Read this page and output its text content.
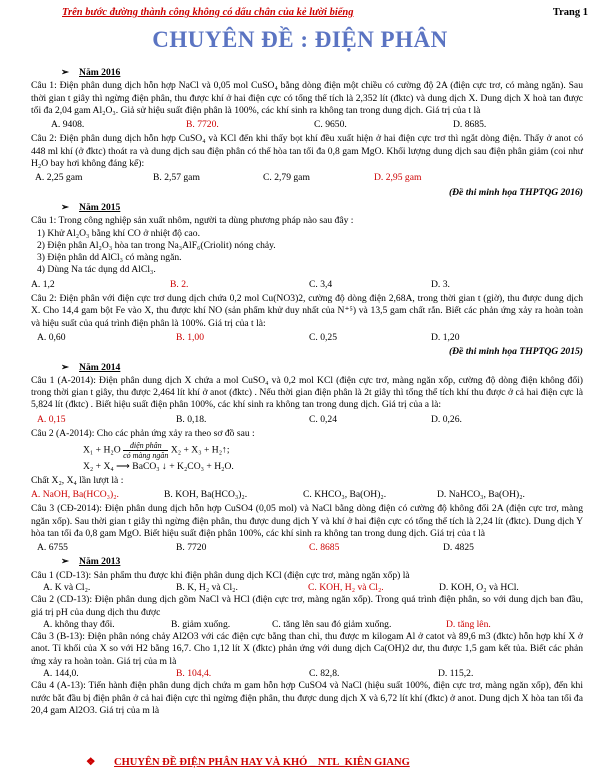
Trên bước đường thành công không có dấu chân của kẻ lười biếng	Trang 1
CHUYÊN ĐỀ : ĐIỆN PHÂN
➢ Năm 2016

Câu 1: Điện phân dung dịch hỗn hợp NaCl và 0,05 mol CuSO₄ bằng dòng điện một chiều có cường độ 2A (điện cực trơ, có màng ngăn). Sau thời gian t giây thì ngừng điện phân, thu được khí ở hai điện cực có tổng thể tích là 2,352 lít (đktc) và dung dịch X. Dung dịch X hoà tan được tối đa 2,04 gam Al₂O₃. Giả sử hiệu suất điện phân là 100%, các khí sinh ra không tan trong dung dịch. Giá trị của t là

A. 9408.	B. 7720.	C. 9650.	D. 8685.

Câu 2: Điện phân dung dịch hỗn hợp CuSO₄ và KCl đến khi thấy bọt khí đều xuất hiện ở hai điện cực trơ thì ngắt dòng điện. Thấy ở anot có 448 ml khí (ở đktc) thoát ra và dung dịch sau điện phân có thể hòa tan tối đa 0,8 gam MgO. Khối lượng dung dịch sau điện phân giảm (coi như H₂O bay hơi không đáng kể):

A. 2,25 gam	B. 2,57 gam	C. 2,79 gam	D. 2,95 gam
(Đề thi minh họa THPTQG 2016)
➢ Năm 2015

Câu 1: Trong công nghiệp sản xuất nhôm, người ta dùng phương pháp nào sau đây :

1) Khử Al₂O₃ bằng khí CO ở nhiệt độ cao.

2) Điện phân Al₂O₃ hòa tan trong Na₃AlF₆(Criolit) nóng chảy.

3) Điện phân dd AlCl₃ có màng ngăn.

4) Dùng Na tác dụng dd AlCl₃.

A. 1,2	B. 2.	C. 3,4	D. 3.

Câu 2: Điện phân với điện cực trơ dung dịch chứa 0,2 mol Cu(NO3)2, cường độ dòng điện 2,68A, trong thời gian t (giờ), thu được dung dịch X. Cho 14,4 gam bột Fe vào X, thu được khí NO (sản phẩm khử duy nhất của N⁺⁵) và 13,5 gam chất rắn. Biết các phản ứng xảy ra hoàn toàn và hiệu suất của quá trình điện phân là 100%. Giá trị của t là:

A. 0,60	B. 1,00	C. 0,25	D. 1,20
(Đề thi minh họa THPTQG 2015)
➢ Năm 2014

Câu 1 (A-2014): Điện phân dung dịch X chứa a mol CuSO₄ và 0,2 mol KCl (điện cực trơ, màng ngăn xốp, cường độ dòng điện không đổi) trong thời gian t giây, thu được 2,464 lít khí ở anot (đktc) . Nếu thời gian điện phân là 2t giây thì tổng thể tích khí thu được ở cả hai điện cực là 5,824 lít (đktc) . Biết hiệu suất điện phân 100%, các khí sinh ra không tan trong dung dịch. Giá trị của a là:

A. 0,15	B. 0,18.	C. 0,24	D. 0,26.

Câu 2 (A-2014): Cho các phản ứng xảy ra theo sơ đồ sau :

$X_1 + H_2O \frac{\text{điện phân}}{\text{có màng ngăn}} X_2 + X_3$ + H₂↑;
X₂ + X₄ ⟶ BaCO₃ ↓ + K₂CO₃ + H₂O.

Chất X₂, X₄ lần lượt là :

A. NaOH, Ba(HCO₃)₂.	B. KOH, Ba(HCO₃)₂.	C. KHCO₃, Ba(OH)₂.	D. NaHCO₃, Ba(OH)₂.

Câu 3 (CĐ-2014): Điện phân dung dịch hỗn hợp CuSO4 (0,05 mol) và NaCl bằng dòng điện có cường độ không đổi 2A (điện cực trơ, màng ngăn xốp). Sau thời gian t giây thì ngừng điện phân, thu được dung dịch Y và khí ở hai điện cực có tổng thể tích là 2,24 lít (đktc). Dung dịch Y hòa tan tối đa 0,8 gam MgO. Biết hiệu suất điện phân 100%, các khí sinh ra không tan trong dung dịch. Giá trị của t là

A. 6755	B. 7720	C. 8685	D. 4825
➢ Năm 2013

Câu 1 (CD-13): Sản phẩm thu được khi điện phân dung dịch KCl (điện cực trơ, màng ngăn xốp) là

A. K và Cl₂.	B. K, H₂ và Cl₂.	C. KOH, H₂ và Cl₂.	D. KOH, O₂ và HCl.

Câu 2 (CD-13): Điện phân dung dịch gồm NaCl và HCl (điện cực trơ, màng ngăn xốp). Trong quá trình điện phân, so với dung dịch ban đầu, giá trị pH của dung dịch thu được

A. không thay đổi.	B. giảm xuống.	C. tăng lên sau đó giảm xuống.	D. tăng lên.

Câu 3 (B-13): Điện phân nóng chảy Al2O3 với các điện cực bằng than chì, thu được m kilogam Al ở catot và 89,6 m3 (đktc) hỗn hợp khí X ở anot. Tỉ khối của X so với H2 bằng 16,7. Cho 1,12 lít X (đktc) phản ứng với dung dịch Ca(OH)2 dư, thu được 1,5 gam kết tủa. Biết các phản ứng xảy ra hoàn toàn. Giá trị của m là

A. 144,0.	B. 104,4.	C. 82,8.	D. 115,2.

Câu 4 (A-13): Tiến hành điện phân dung dịch chứa m gam hỗn hợp CuSO4 và NaCl (hiệu suất 100%, điện cực trơ, màng ngăn xốp), đến khi nước bắt đầu bị điện phân ở cả hai điện cực thì ngừng điện phân, thu được dung dịch X và 6,72 lít khí (đktc) ở anot. Dung dịch X hòa tan tối đa 20,4 gam Al2O3. Giá trị của m là

❖ CHUYÊN ĐỀ ĐIỆN PHÂN HAY VÀ KHÓ _ NTL_KIÊN GIANG
